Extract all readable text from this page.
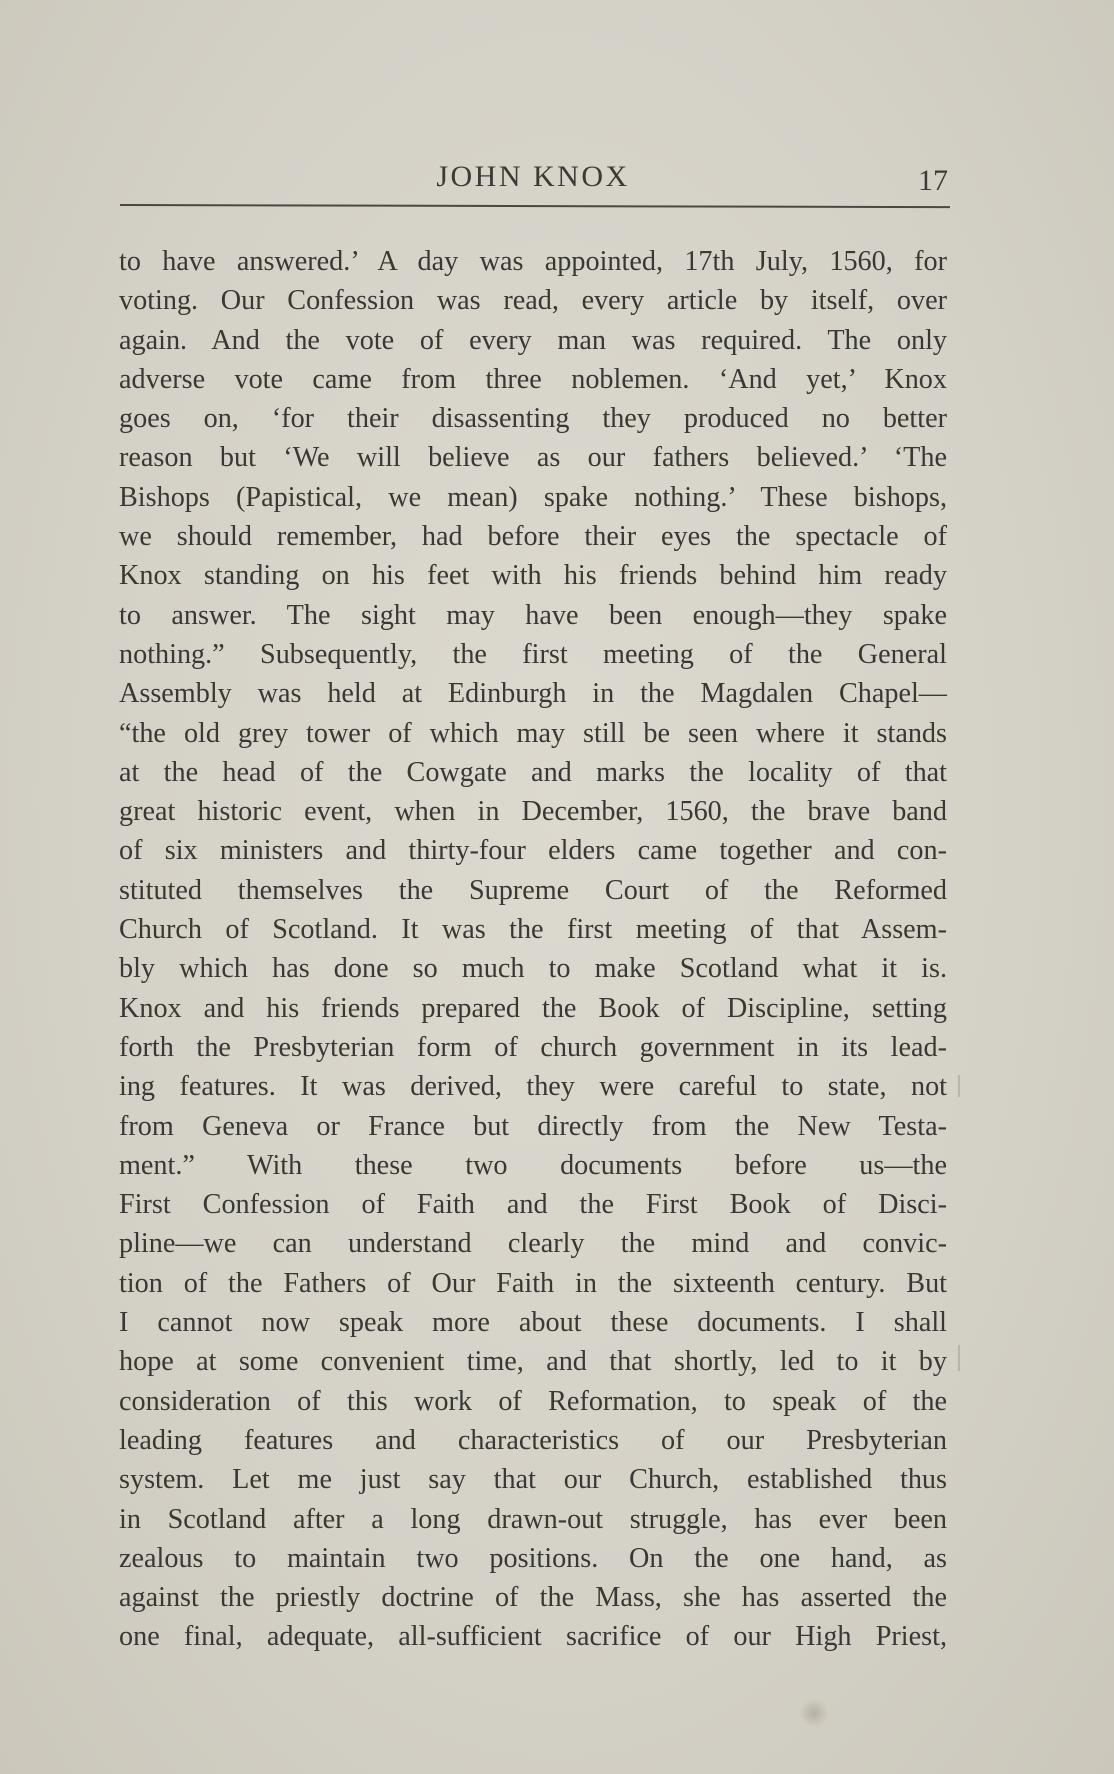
JOHN KNOX	17
to have answered.’ A day was appointed, 17th July, 1560, for
voting. Our Confession was read, every article by itself, over
again. And the vote of every man was required. The only
adverse vote came from three noblemen. ‘And yet,’ Knox
goes on, ‘for their disassenting they produced no better
reason but ‘We will believe as our fathers believed.’ ‘The
Bishops (Papistical, we mean) spake nothing.’ These bishops,
we should remember, had before their eyes the spectacle of
Knox standing on his feet with his friends behind him ready
to answer. The sight may have been enough—they spake
nothing.” Subsequently, the first meeting of the General
Assembly was held at Edinburgh in the Magdalen Chapel—
“the old grey tower of which may still be seen where it stands
at the head of the Cowgate and marks the locality of that
great historic event, when in December, 1560, the brave band
of six ministers and thirty-four elders came together and con-
stituted themselves the Supreme Court of the Reformed
Church of Scotland. It was the first meeting of that Assem-
bly which has done so much to make Scotland what it is.
Knox and his friends prepared the Book of Discipline, setting
forth the Presbyterian form of church government in its lead-
ing features. It was derived, they were careful to state, not
from Geneva or France but directly from the New Testa-
ment.” With these two documents before us—the
First Confession of Faith and the First Book of Disci-
pline—we can understand clearly the mind and convic-
tion of the Fathers of Our Faith in the sixteenth century. But
I cannot now speak more about these documents. I shall
hope at some convenient time, and that shortly, led to it by
consideration of this work of Reformation, to speak of the
leading features and characteristics of our Presbyterian
system. Let me just say that our Church, established thus
in Scotland after a long drawn-out struggle, has ever been
zealous to maintain two positions. On the one hand, as
against the priestly doctrine of the Mass, she has asserted the
one final, adequate, all-sufficient sacrifice of our High Priest,
